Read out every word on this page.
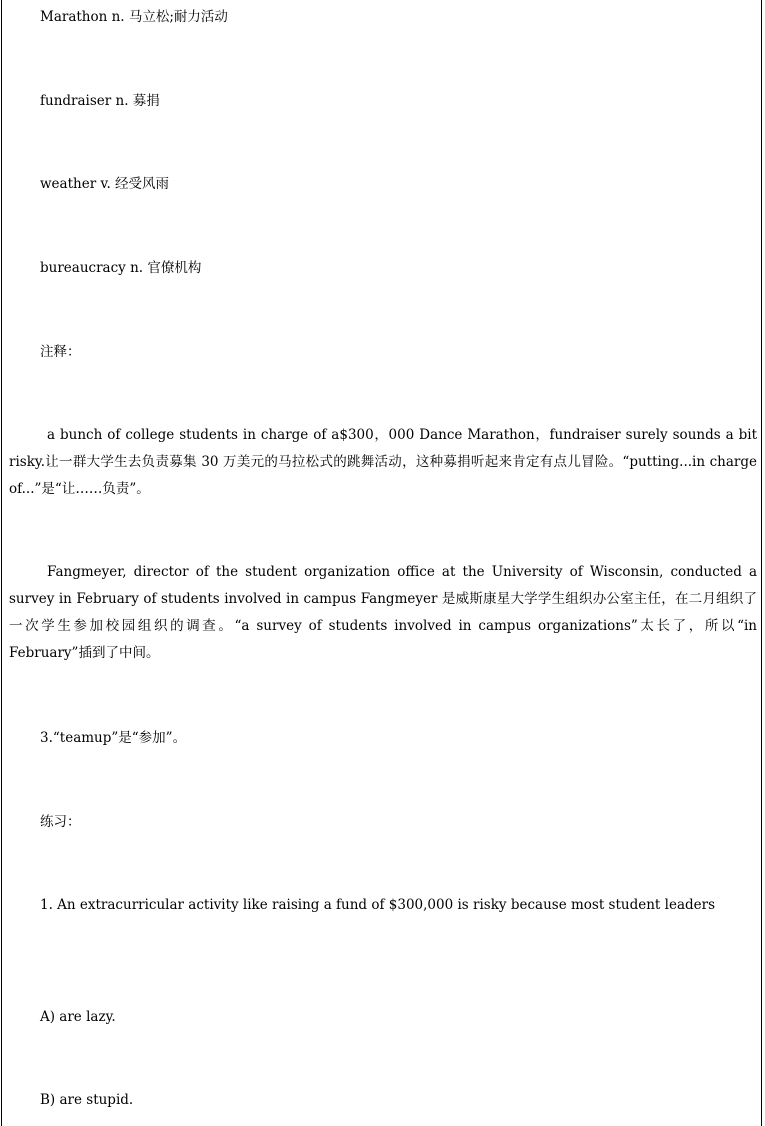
Marathon n. 马立松;耐力活动
fundraiser n. 募捐
weather v. 经受风雨
bureaucracy n. 官僚机构
注释：
a bunch of college students in charge of a$300，000 Dance Marathon，fundraiser surely sounds a bit risky.让一群大学生去负责募集 30 万美元的马拉松式的跳舞活动，这种募捐听起来肯定有点儿冒险。“putting...in charge of...”是“让……负责”。
Fangmeyer, director of the student organization office at the University of Wisconsin, conducted a survey in February of students involved in campus Fangmeyer 是威斯康星大学学生组织办公室主任，在二月组织了一次学生参加校园组织的调查。“a survey of students involved in campus organizations”太长了，所以“in February”插到了中间。
3.“teamup”是“参加”。
练习：
1. An extracurricular activity like raising a fund of $300,000 is risky because most student leaders
A) are lazy.
B) are stupid.
